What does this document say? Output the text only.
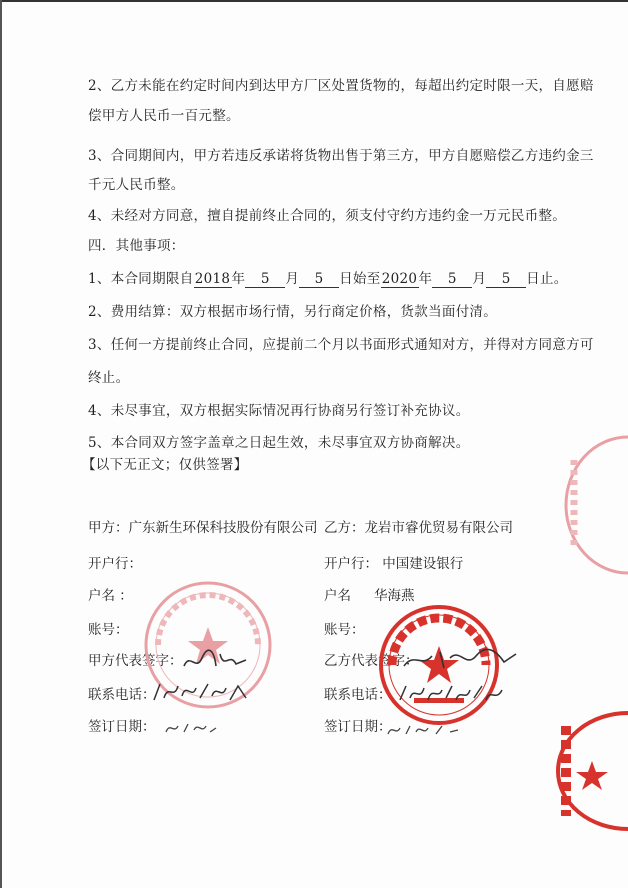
2、乙方未能在约定时间内到达甲方厂区处置货物的，每超出约定时限一天，自愿赔
偿甲方人民币一百元整。
3、合同期间内，甲方若违反承诺将货物出售于第三方，甲方自愿赔偿乙方违约金三
千元人民币整。
4、未经对方同意，擅自提前终止合同的，须支付守约方违约金一万元民币整。
四．其他事项：
1、本合同期限自2018年 5 月 5 日始至2020年 5 月 5 日止。
2、费用结算：双方根据市场行情，另行商定价格，货款当面付清。
3、任何一方提前终止合同，应提前二个月以书面形式通知对方，并得对方同意方可
终止。
4、未尽事宜，双方根据实际情况再行协商另行签订补充协议。
5、本合同双方签字盖章之日起生效，未尽事宜双方协商解决。
【以下无正文；仅供签署】
甲方：广东新生环保科技股份有限公司
开户行：
户名 ：
账号：
甲方代表签字：
联系电话：
签订日期：
乙方：龙岩市睿优贸易有限公司
开户行： 中国建设银行
户名 华海燕
账号：
乙方代表签字：
联系电话：
签订日期：
